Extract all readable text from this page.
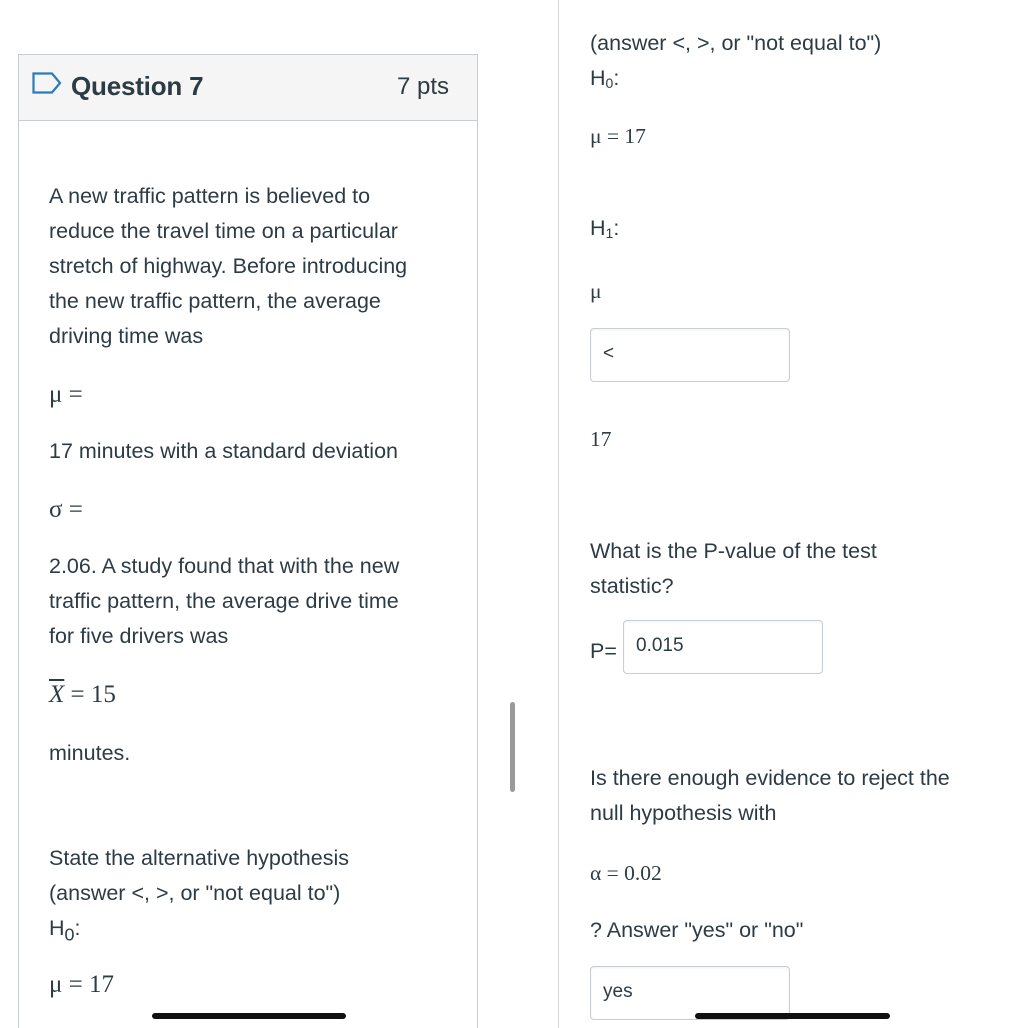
Question 7	7 pts
A new traffic pattern is believed to
reduce the travel time on a particular
stretch of highway. Before introducing
the new traffic pattern, the average
driving time was
μ =
17 minutes with a standard deviation
σ =
2.06. A study found that with the new
traffic pattern, the average drive time
for five drivers was
$\overline{X} = 15$
minutes.
State the alternative hypothesis
(answer <, >, or "not equal to")
$H_0$:
μ = 17
(answer <, >, or "not equal to")
$H_0$:
μ = 17
$H_1$:
μ
<
17
What is the P-value of the test
statistic?
P= 0.015
Is there enough evidence to reject the
null hypothesis with
α = 0.02
? Answer "yes" or "no"
yes
